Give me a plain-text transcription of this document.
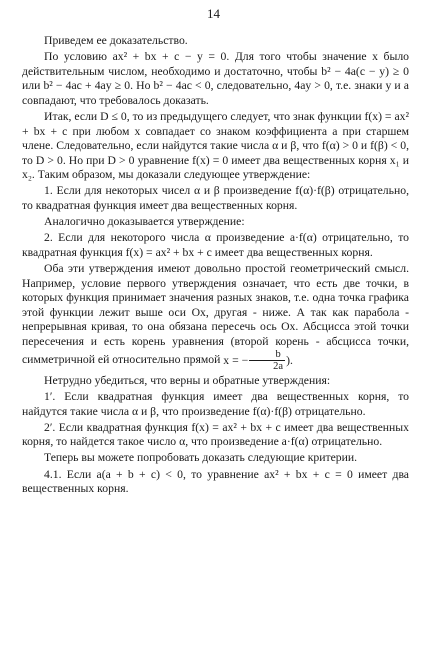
14

Приведем ее доказательство.

По условию ax² + bx + c − y = 0. Для того чтобы значение x было действительным числом, необходимо и достаточно, чтобы b² − 4a(c − y) ≥ 0 или b² − 4ac + 4ay ≥ 0. Но b² − 4ac < 0, следовательно, 4ay > 0, т.е. знаки y и a совпадают, что требовалось доказать.

Итак, если D ≤ 0, то из предыдущего следует, что знак функции f(x) = ax² + bx + c при любом x совпадает со знаком коэффициента a при старшем члене. Следовательно, если найдутся такие числа α и β, что f(α) > 0 и f(β) < 0, то D > 0. Но при D > 0 уравнение f(x) = 0 имеет два вещественных корня x₁ и x₂. Таким образом, мы доказали следующее утверждение:

1. Если для некоторых чисел α и β произведение f(α)·f(β) отрицательно, то квадратная функция имеет два вещественных корня.

Аналогично доказывается утверждение:

2. Если для некоторого числа α произведение a·f(α) отрицательно, то квадратная функция f(x) = ax² + bx + c имеет два вещественных корня.

Оба эти утверждения имеют довольно простой геометрический смысл. Например, условие первого утверждения означает, что есть две точки, в которых функция принимает значения разных знаков, т.е. одна точка графика этой функции лежит выше оси Ox, другая - ниже. А так как парабола - непрерывная кривая, то она обязана пересечь ось Ox. Абсцисса этой точки пересечения и есть корень уравнения (второй корень - абсцисса точки, симметричной ей относительно прямой x = − $\frac{b}{2a}$ ).

Нетрудно убедиться, что верны и обратные утверждения:

1′. Если квадратная функция имеет два вещественных корня, то найдутся такие числа α и β, что произведение f(α)·f(β) отрицательно.

2′. Если квадратная функция f(x) = ax² + bx + c имеет два вещественных корня, то найдется такое число α, что произведение a·f(α) отрицательно.

Теперь вы можете попробовать доказать следующие критерии.

4.1. Если a(a + b + c) < 0, то уравнение ax² + bx + c = 0 имеет два вещественных корня.
